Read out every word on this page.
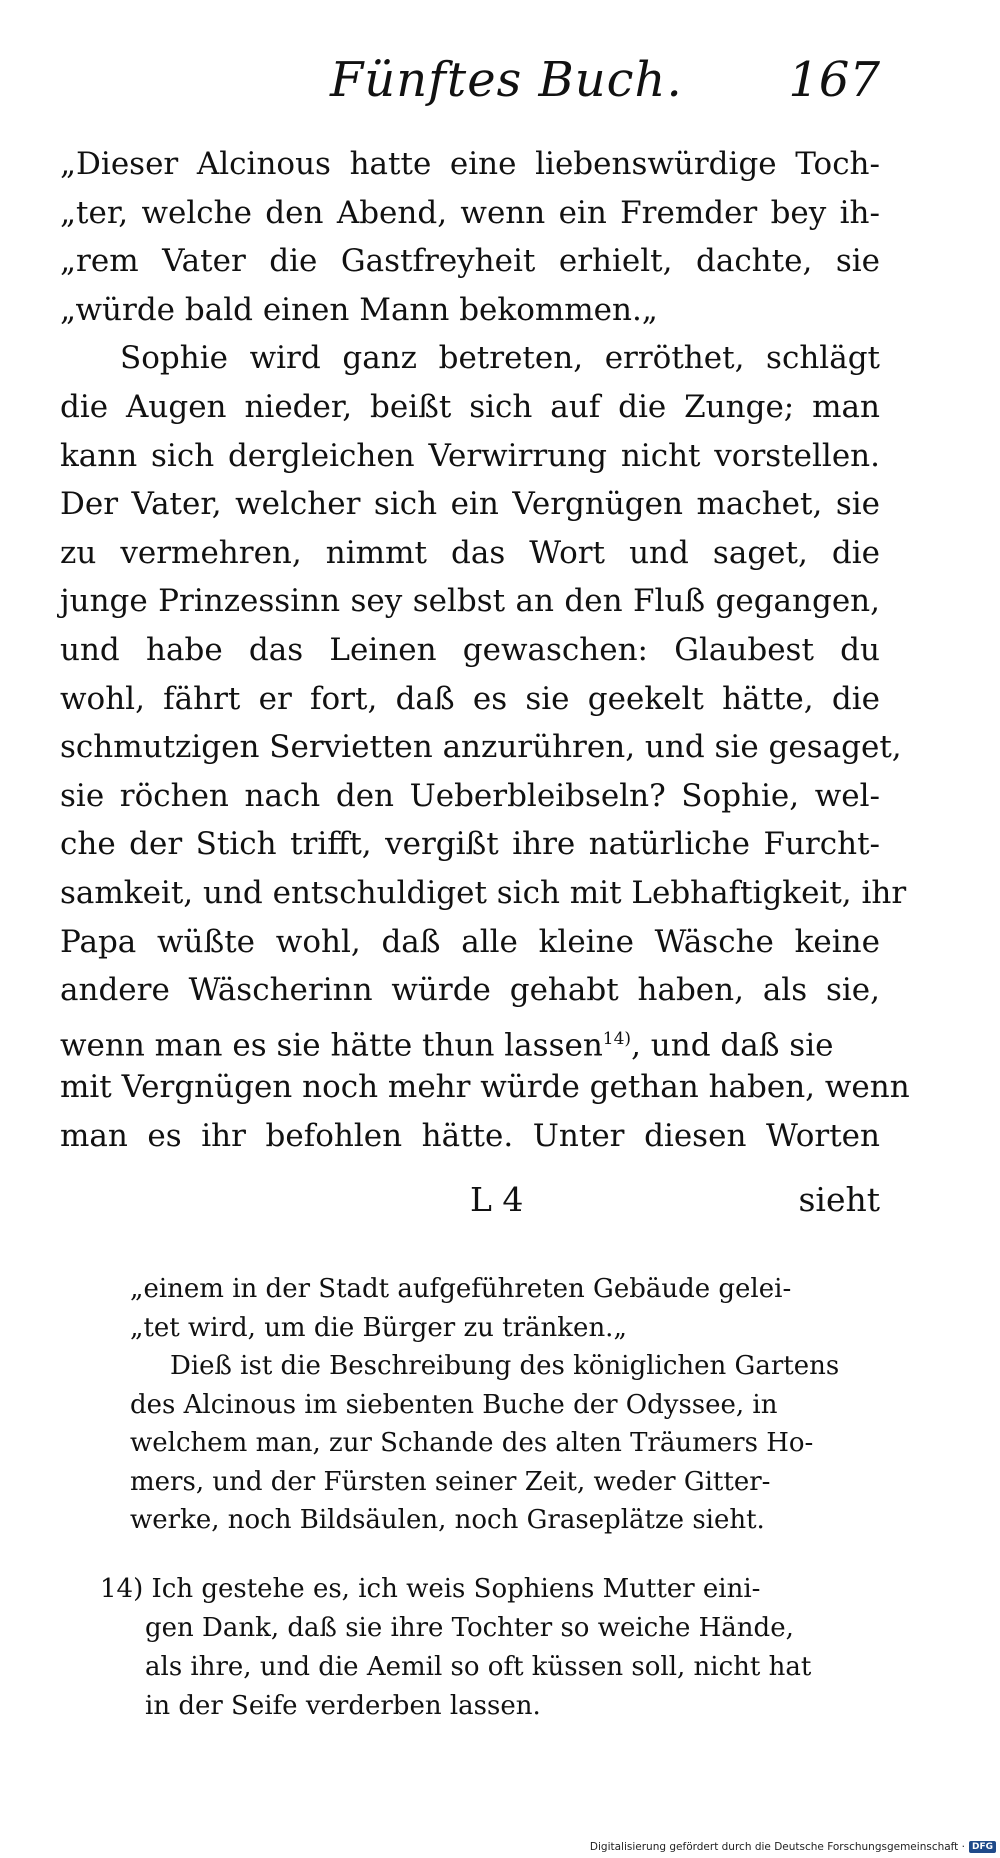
Fünftes Buch. 167
„Dieser Alcinous hatte eine liebenswürdige Toch-
„ter, welche den Abend, wenn ein Fremder bey ih-
„rem Vater die Gastfreyheit erhielt, dachte, sie
„würde bald einen Mann bekommen.„
Sophie wird ganz betreten, erröthet, schlägt
die Augen nieder, beißt sich auf die Zunge; man
kann sich dergleichen Verwirrung nicht vorstellen.
Der Vater, welcher sich ein Vergnügen machet, sie
zu vermehren, nimmt das Wort und saget, die
junge Prinzessinn sey selbst an den Fluß gegangen,
und habe das Leinen gewaschen: Glaubest du
wohl, fährt er fort, daß es sie geekelt hätte, die
schmutzigen Servietten anzurühren, und sie gesaget,
sie röchen nach den Ueberbleibseln? Sophie, wel-
che der Stich trifft, vergißt ihre natürliche Furcht-
samkeit, und entschuldiget sich mit Lebhaftigkeit, ihr
Papa wüßte wohl, daß alle kleine Wäsche keine
andere Wäscherinn würde gehabt haben, als sie,
wenn man es sie hätte thun lassen$^{14)}$, und daß sie
mit Vergnügen noch mehr würde gethan haben, wenn
man es ihr befohlen hätte. Unter diesen Worten
L 4	sieht
„einem in der Stadt aufgeführeten Gebäude gelei-
„tet wird, um die Bürger zu tränken.„
Dieß ist die Beschreibung des königlichen Gartens
des Alcinous im siebenten Buche der Odyssee, in
welchem man, zur Schande des alten Träumers Ho-
mers, und der Fürsten seiner Zeit, weder Gitter-
werke, noch Bildsäulen, noch Graseplätze sieht.
14) Ich gestehe es, ich weis Sophiens Mutter eini-
gen Dank, daß sie ihre Tochter so weiche Hände,
als ihre, und die Aemil so oft küssen soll, nicht hat
in der Seife verderben lassen.
Digitalisierung gefördert durch die Deutsche Forschungsgemeinschaft · DFG
